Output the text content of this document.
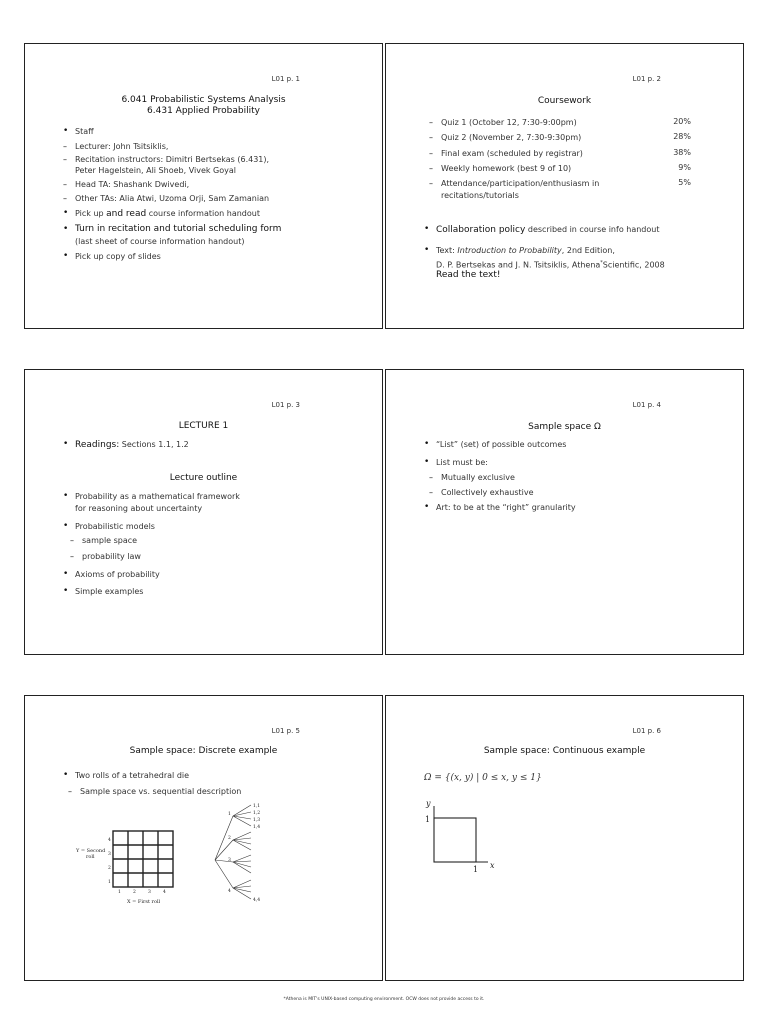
L01 p. 1
6.041 Probabilistic Systems Analysis
6.431 Applied Probability
• Staff
– Lecturer: John Tsitsiklis,
– Recitation instructors: Dimitri Bertsekas (6.431),
Peter Hagelstein, Ali Shoeb, Vivek Goyal
– Head TA: Shashank Dwivedi,
– Other TAs: Alia Atwi, Uzoma Orji, Sam Zamanian
• Pick up and read course information handout
• Turn in recitation and tutorial scheduling form
(last sheet of course information handout)
• Pick up copy of slides
L01 p. 2
Coursework
– Quiz 1 (October 12, 7:30-9:00pm)	20%
– Quiz 2 (November 2, 7:30-9:30pm)	28%
– Final exam (scheduled by registrar)	38%
– Weekly homework (best 9 of 10)	9%
– Attendance/participation/enthusiasm in	5%
recitations/tutorials
• Collaboration policy described in course info handout
• Text: Introduction to Probability, 2nd Edition,
D. P. Bertsekas and J. N. Tsitsiklis, Athena*Scientific, 2008
Read the text!
L01 p. 3
LECTURE 1
• Readings: Sections 1.1, 1.2
Lecture outline
• Probability as a mathematical framework
for reasoning about uncertainty
• Probabilistic models
– sample space
– probability law
• Axioms of probability
• Simple examples
L01 p. 4
Sample space Ω
• “List” (set) of possible outcomes
• List must be:
– Mutually exclusive
– Collectively exhaustive
• Art: to be at the “right” granularity
L01 p. 5
Sample space: Discrete example
• Two rolls of a tetrahedral die
– Sample space vs. sequential description
1	2	3	4
1
2
3
4
Y = Second
roll
X = First roll
1,1
1,2
1,3
1,4
4,4
1
2
3
4
L01 p. 6
Sample space: Continuous example
Ω = {(x, y) | 0 ≤ x, y ≤ 1}
y
x
1
1
*Athena is MIT's UNIX-based computing environment. OCW does not provide access to it.
